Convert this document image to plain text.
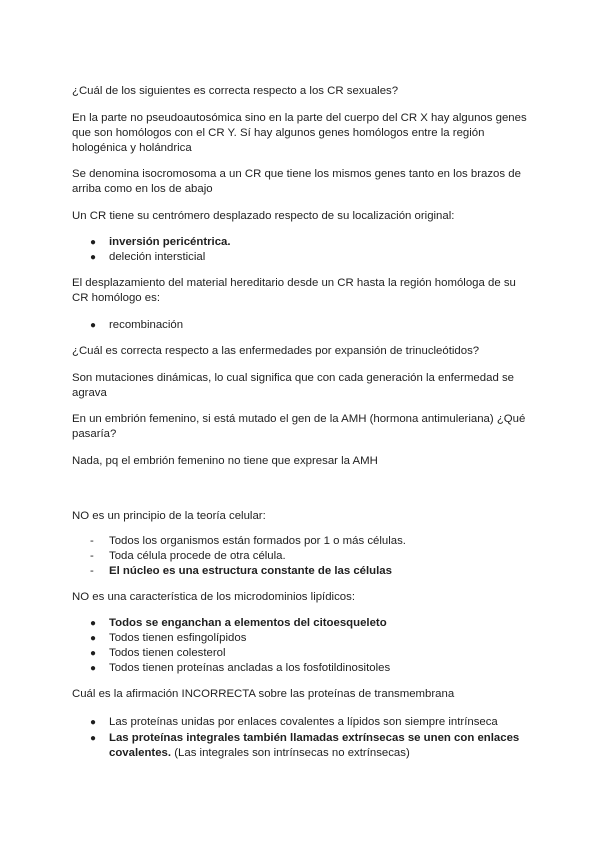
¿Cuál de los siguientes es correcta respecto a los CR sexuales?

En la parte no pseudoautosómica sino en la parte del cuerpo del CR X hay algunos genes que son homólogos con el CR Y. Sí hay algunos genes homólogos entre la región hologénica y holándrica

Se denomina isocromosoma a un CR que tiene los mismos genes tanto en los brazos de arriba como en los de abajo

Un CR tiene su centrómero desplazado respecto de su localización original:

●	inversión pericéntrica.

●	deleción intersticial

El desplazamiento del material hereditario desde un CR hasta la región homóloga de su CR homólogo es:

●	recombinación

¿Cuál es correcta respecto a las enfermedades por expansión de trinucleótidos?

Son mutaciones dinámicas, lo cual significa que con cada generación la enfermedad se agrava

En un embrión femenino, si está mutado el gen de la AMH (hormona antimuleriana) ¿Qué pasaría?

Nada, pq el embrión femenino no tiene que expresar la AMH

NO es un principio de la teoría celular:

-	Todos los organismos están formados por 1 o más células.

-	Toda célula procede de otra célula.

-	El núcleo es una estructura constante de las células

NO es una característica de los microdominios lipídicos:

●	Todos se enganchan a elementos del citoesqueleto

●	Todos tienen esfingolípidos

●	Todos tienen colesterol

●	Todos tienen proteínas ancladas a los fosfotildinositoles

Cuál es la afirmación INCORRECTA sobre las proteínas de transmembrana

●	Las proteínas unidas por enlaces covalentes a lípidos son siempre intrínseca

●	Las proteínas integrales también llamadas extrínsecas se unen con enlaces covalentes. (Las integrales son intrínsecas no extrínsecas)
